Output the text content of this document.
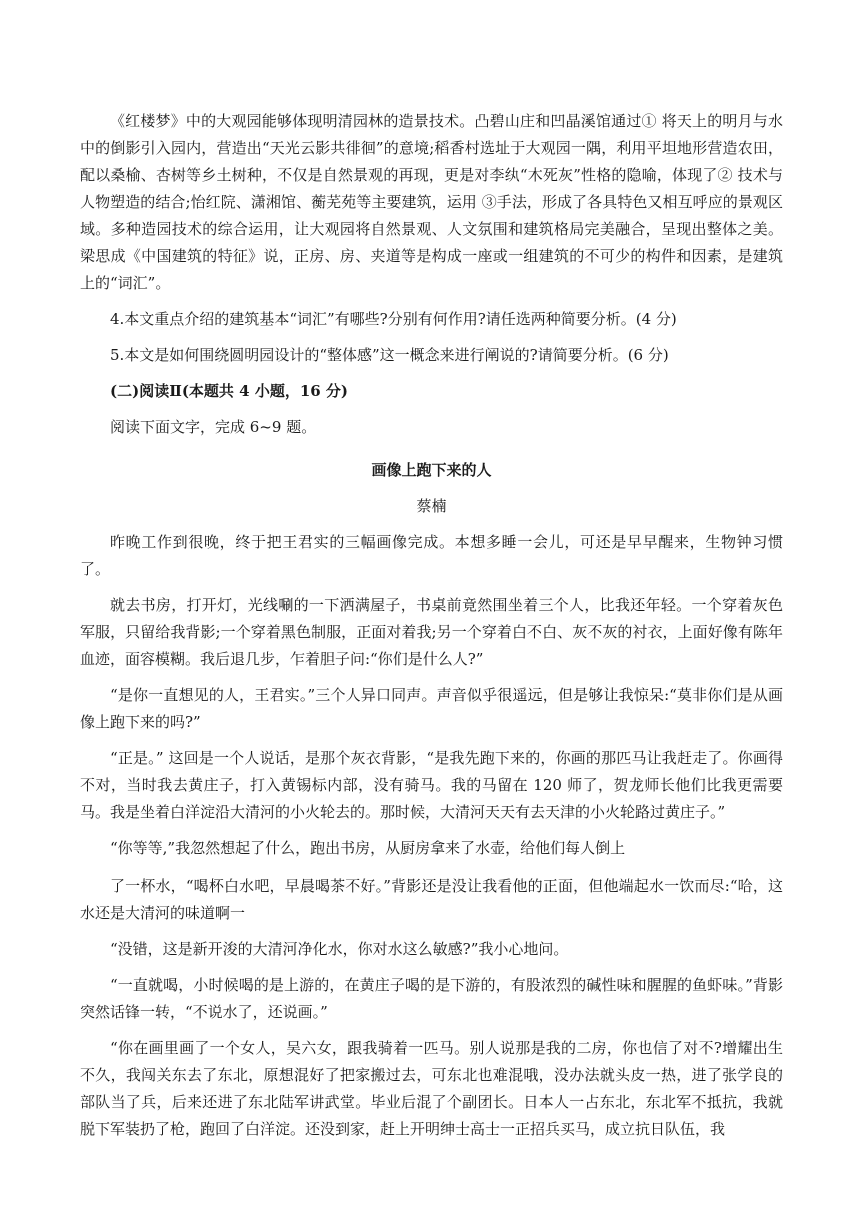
《红楼梦》中的大观园能够体现明清园林的造景技术。凸碧山庄和凹晶溪馆通过① 将天上的明月与水中的倒影引入园内，营造出“天光云影共徘徊”的意境;稻香村选址于大观园一隅，利用平坦地形营造农田，配以桑榆、杏树等乡土树种，不仅是自然景观的再现，更是对李纨“木死灰”性格的隐喻，体现了② 技术与人物塑造的结合;怡红院、潇湘馆、蘅芜苑等主要建筑，运用 ③手法，形成了各具特色又相互呼应的景观区域。多种造园技术的综合运用，让大观园将自然景观、人文氛围和建筑格局完美融合，呈现出整体之美。梁思成《中国建筑的特征》说，正房、房、夹道等是构成一座或一组建筑的不可少的构件和因素，是建筑上的“词汇”。

4.本文重点介绍的建筑基本“词汇”有哪些?分别有何作用?请任选两种简要分析。(4 分)

5.本文是如何围绕圆明园设计的“整体感”这一概念来进行阐说的?请简要分析。(6 分)

(二)阅读Ⅱ(本题共 4 小题，16 分)

阅读下面文字，完成 6~9 题。

画像上跑下来的人

蔡楠

昨晚工作到很晚，终于把王君实的三幅画像完成。本想多睡一会儿，可还是早早醒来，生物钟习惯了。

就去书房，打开灯，光线唰的一下洒满屋子，书桌前竟然围坐着三个人，比我还年轻。一个穿着灰色军服，只留给我背影;一个穿着黑色制服，正面对着我;另一个穿着白不白、灰不灰的衬衣，上面好像有陈年血迹，面容模糊。我后退几步，乍着胆子问:“你们是什么人?”

“是你一直想见的人，王君实。”三个人异口同声。声音似乎很遥远，但是够让我惊呆:“莫非你们是从画像上跑下来的吗?”

“正是。” 这回是一个人说话，是那个灰衣背影，“是我先跑下来的，你画的那匹马让我赶走了。你画得不对，当时我去黄庄子，打入黄锡标内部，没有骑马。我的马留在 120 师了，贺龙师长他们比我更需要马。我是坐着白洋淀沿大清河的小火轮去的。那时候，大清河天天有去天津的小火轮路过黄庄子。”

“你等等,”我忽然想起了什么，跑出书房，从厨房拿来了水壶，给他们每人倒上

了一杯水，“喝杯白水吧，早晨喝茶不好。”背影还是没让我看他的正面，但他端起水一饮而尽:“哈，这水还是大清河的味道啊一

“没错，这是新开浚的大清河净化水，你对水这么敏感?”我小心地问。

“一直就喝，小时候喝的是上游的，在黄庄子喝的是下游的，有股浓烈的碱性味和腥腥的鱼虾味。”背影突然话锋一转，“不说水了，还说画。”

“你在画里画了一个女人，吴六女，跟我骑着一匹马。别人说那是我的二房，你也信了对不?增耀出生不久，我闯关东去了东北，原想混好了把家搬过去，可东北也难混哦，没办法就头皮一热，进了张学良的部队当了兵，后来还进了东北陆军讲武堂。毕业后混了个副团长。日本人一占东北，东北军不抵抗，我就脱下军装扔了枪，跑回了白洋淀。还没到家，赶上开明绅士高士一正招兵买马，成立抗日队伍，我
